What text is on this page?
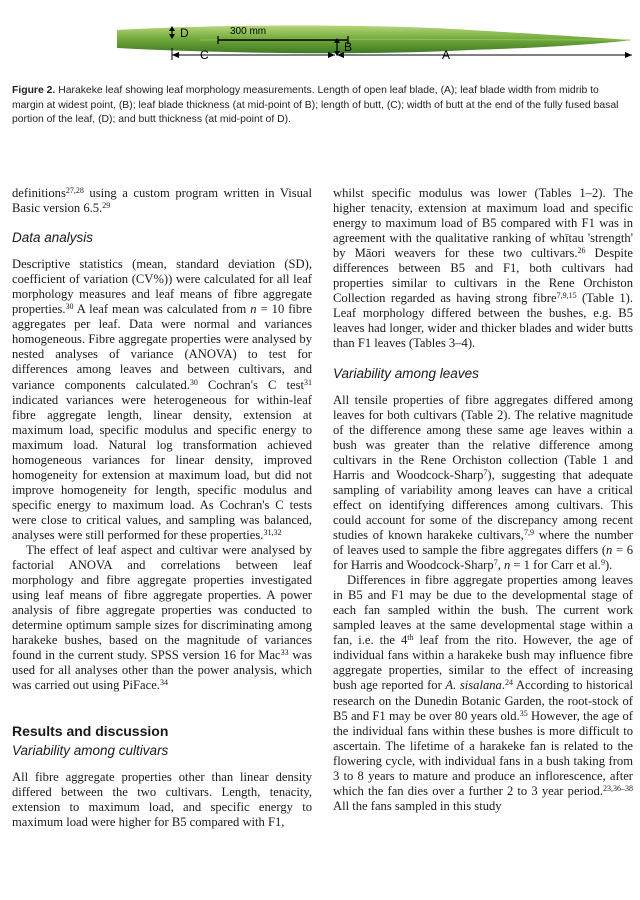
D	300 mm
C
B
A
Figure 2. Harakeke leaf showing leaf morphology measurements. Length of open leaf blade, (A); leaf blade width from midrib to margin at widest point, (B); leaf blade thickness (at mid-point of B); length of butt, (C); width of butt at the end of the fully fused basal portion of the leaf, (D); and butt thickness (at mid-point of D).

definitions$^{27,28}$ using a custom program written in Visual Basic version 6.5.29

Data analysis

Descriptive statistics (mean, standard deviation (SD), coefficient of variation (CV%)) were calculated for all leaf morphology measures and leaf means of fibre aggregate properties.$^{30}$ A leaf mean was calculated from n = 10 fibre aggregates per leaf. Data were normal and variances homogeneous. Fibre aggregate properties were analysed by nested analyses of variance (ANOVA) to test for differences among leaves and between cultivars, and variance components calculated.$^{30}$ Cochran's C test$^{31}$ indicated variances were heterogeneous for within-leaf fibre aggregate length, linear density, extension at maximum load, specific modulus and specific energy to maximum load. Natural log transformation achieved homogeneous variances for linear density, improved homogeneity for extension at maximum load, but did not improve homogeneity for length, specific modulus and specific energy to maximum load. As Cochran's C tests were close to critical values, and sampling was balanced, analyses were still performed for these properties.$^{31,32}$

The effect of leaf aspect and cultivar were analysed by factorial ANOVA and correlations between leaf morphology and fibre aggregate properties investigated using leaf means of fibre aggregate properties. A power analysis of fibre aggregate properties was conducted to determine optimum sample sizes for discriminating among harakeke bushes, based on the magnitude of variances found in the current study. SPSS version 16 for Mac$^{33}$ was used for all analyses other than the power analysis, which was carried out using PiFace.$^{34}$

Results and discussion

Variability among cultivars

All fibre aggregate properties other than linear density differed between the two cultivars. Length, tenacity, extension to maximum load, and specific energy to maximum load were higher for B5 compared with F1,

whilst specific modulus was lower (Tables 1–2). The higher tenacity, extension at maximum load and specific energy to maximum load of B5 compared with F1 was in agreement with the qualitative ranking of whītau 'strength' by Māori weavers for these two cultivars.$^{26}$ Despite differences between B5 and F1, both cultivars had properties similar to cultivars in the Rene Orchiston Collection regarded as having strong fibre$^{7,9,15}$ (Table 1). Leaf morphology differed between the bushes, e.g. B5 leaves had longer, wider and thicker blades and wider butts than F1 leaves (Tables 3–4).

Variability among leaves

All tensile properties of fibre aggregates differed among leaves for both cultivars (Table 2). The relative magnitude of the difference among these same age leaves within a bush was greater than the relative difference among cultivars in the Rene Orchiston collection (Table 1 and Harris and Woodcock-Sharp$^7$), suggesting that adequate sampling of variability among leaves can have a critical effect on identifying differences among cultivars. This could account for some of the discrepancy among recent studies of known harakeke cultivars,$^{7,9}$ where the number of leaves used to sample the fibre aggregates differs (n = 6 for Harris and Woodcock-Sharp$^7$, n = 1 for Carr et al.$^9$).

Differences in fibre aggregate properties among leaves in B5 and F1 may be due to the developmental stage of each fan sampled within the bush. The current work sampled leaves at the same developmental stage within a fan, i.e. the 4th leaf from the rito. However, the age of individual fans within a harakeke bush may influence fibre aggregate properties, similar to the effect of increasing bush age reported for A. sisalana.$^{24}$ According to historical research on the Dunedin Botanic Garden, the root-stock of B5 and F1 may be over 80 years old.$^{35}$ However, the age of the individual fans within these bushes is more difficult to ascertain. The lifetime of a harakeke fan is related to the flowering cycle, with individual fans in a bush taking from 3 to 8 years to mature and produce an inflorescence, after which the fan dies over a further 2 to 3 year period.$^{23,36-38}$ All the fans sampled in this study
